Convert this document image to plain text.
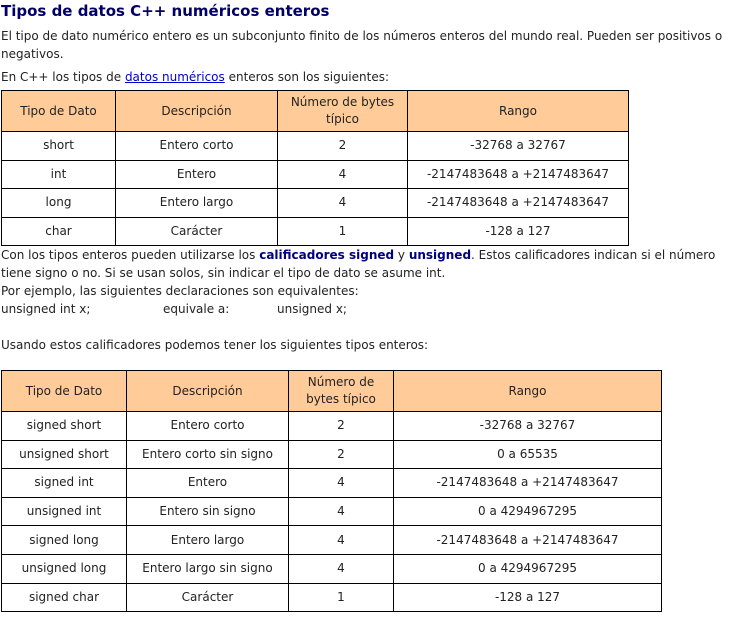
Tipos de datos C++ numéricos enteros

El tipo de dato numérico entero es un subconjunto finito de los números enteros del mundo real. Pueden ser positivos o negativos.

En C++ los tipos de datos numéricos enteros son los siguientes:

Tipo de Dato	Descripción	Número de bytes típico	Rango
short	Entero corto	2	-32768 a 32767
int	Entero	4	-2147483648 a +2147483647
long	Entero largo	4	-2147483648 a +2147483647
char	Carácter	1	-128 a 127

Con los tipos enteros pueden utilizarse los calificadores signed y unsigned. Estos calificadores indican si el número tiene signo o no. Si se usan solos, sin indicar el tipo de dato se asume int.

Por ejemplo, las siguientes declaraciones son equivalentes:

unsigned int x;	equivale a:	unsigned x;

Usando estos calificadores podemos tener los siguientes tipos enteros:

Tipo de Dato	Descripción	Número de bytes típico	Rango
signed short	Entero corto	2	-32768 a 32767
unsigned short	Entero corto sin signo	2	0 a 65535
signed int	Entero	4	-2147483648 a +2147483647
unsigned int	Entero sin signo	4	0 a 4294967295
signed long	Entero largo	4	-2147483648 a +2147483647
unsigned long	Entero largo sin signo	4	0 a 4294967295
signed char	Carácter	1	-128 a 127
